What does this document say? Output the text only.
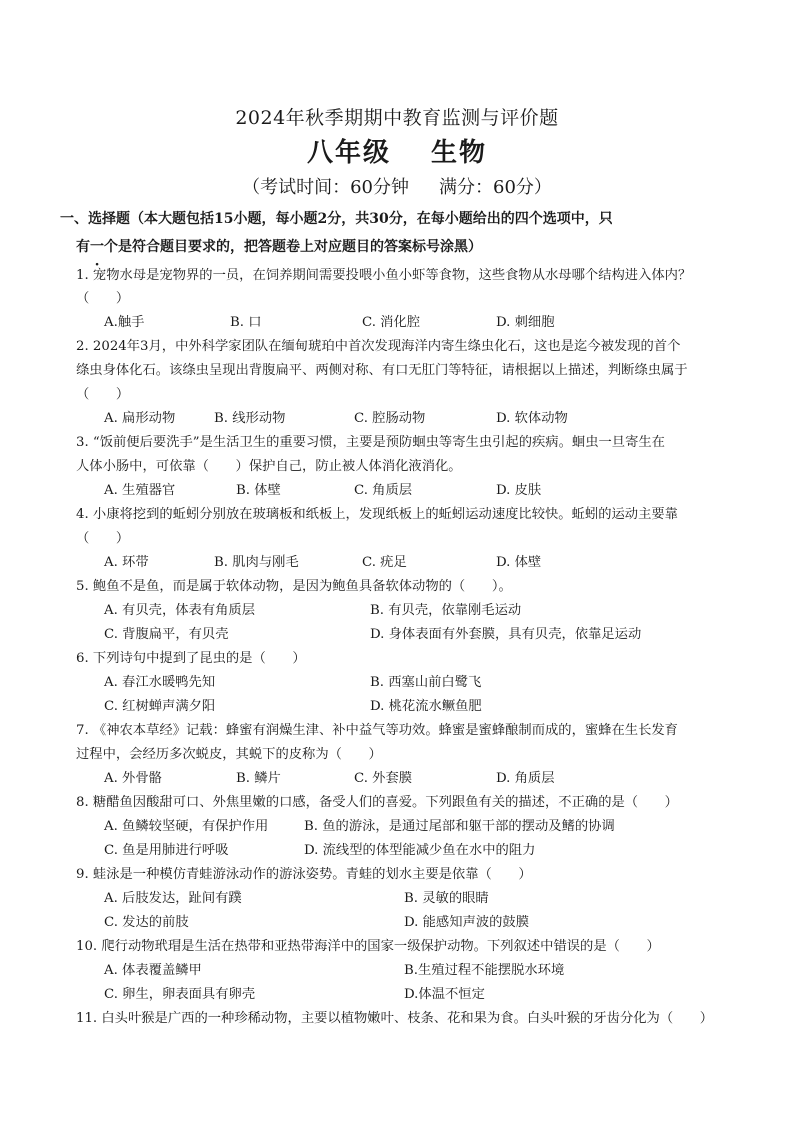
2024年秋季期期中教育监测与评价题
八年级 生物
（考试时间：60分钟 满分：60分）
一、选择题（本大题包括15小题，每小题2分，共30分，在每小题给出的四个选项中，只
有一个是符合题目要求的，把答题卷上对应题目的答案标号涂黑）
1. 宠物水母是宠物界的一员，在饲养期间需要投喂小鱼小虾等食物，这些食物从水母哪个结构进入体内？
（　　）
A.触手	B. 口	C. 消化腔	D. 刺细胞
2. 2024年3月，中外科学家团队在缅甸琥珀中首次发现海洋内寄生绦虫化石，这也是迄今被发现的首个
绦虫身体化石。该绦虫呈现出背腹扁平、两侧对称、有口无肛门等特征，请根据以上描述，判断绦虫属于
（　　）
A. 扁形动物	B. 线形动物	C. 腔肠动物	D. 软体动物
3. “饭前便后要洗手”是生活卫生的重要习惯，主要是预防蛔虫等寄生虫引起的疾病。蛔虫一旦寄生在
人体小肠中，可依靠（　　）保护自己，防止被人体消化液消化。
A. 生殖器官	B. 体壁	C. 角质层	D. 皮肤
4. 小康将挖到的蚯蚓分别放在玻璃板和纸板上，发现纸板上的蚯蚓运动速度比较快。蚯蚓的运动主要靠
（　　）
A. 环带	B. 肌肉与刚毛	C. 疣足	D. 体壁
5. 鲍鱼不是鱼，而是属于软体动物，是因为鲍鱼具备软体动物的（　　）。
A. 有贝壳，体表有角质层	B. 有贝壳，依靠刚毛运动
C. 背腹扁平，有贝壳	D. 身体表面有外套膜，具有贝壳，依靠足运动
6. 下列诗句中提到了昆虫的是（　　）
A. 春江水暖鸭先知	B. 西塞山前白鹭飞
C. 红树蝉声满夕阳	D. 桃花流水鳜鱼肥
7. 《神农本草经》记载：蜂蜜有润燥生津、补中益气等功效。蜂蜜是蜜蜂酿制而成的，蜜蜂在生长发育
过程中，会经历多次蜕皮，其蜕下的皮称为（　　）
A. 外骨骼	B. 鳞片	C. 外套膜	D. 角质层
8. 糖醋鱼因酸甜可口、外焦里嫩的口感，备受人们的喜爱。下列跟鱼有关的描述，不正确的是（　　）
A. 鱼鳞较坚硬，有保护作用	B. 鱼的游泳，是通过尾部和躯干部的摆动及鳍的协调
C. 鱼是用肺进行呼吸	D. 流线型的体型能减少鱼在水中的阻力
9. 蛙泳是一种模仿青蛙游泳动作的游泳姿势。青蛙的划水主要是依靠（　　）
A. 后肢发达，趾间有蹼	B. 灵敏的眼睛
C. 发达的前肢	D. 能感知声波的鼓膜
10. 爬行动物玳瑁是生活在热带和亚热带海洋中的国家一级保护动物。下列叙述中错误的是（　　）
A. 体表覆盖鳞甲	B.生殖过程不能摆脱水环境
C. 卵生，卵表面具有卵壳	D.体温不恒定
11. 白头叶猴是广西的一种珍稀动物，主要以植物嫩叶、枝条、花和果为食。白头叶猴的牙齿分化为（　　）
